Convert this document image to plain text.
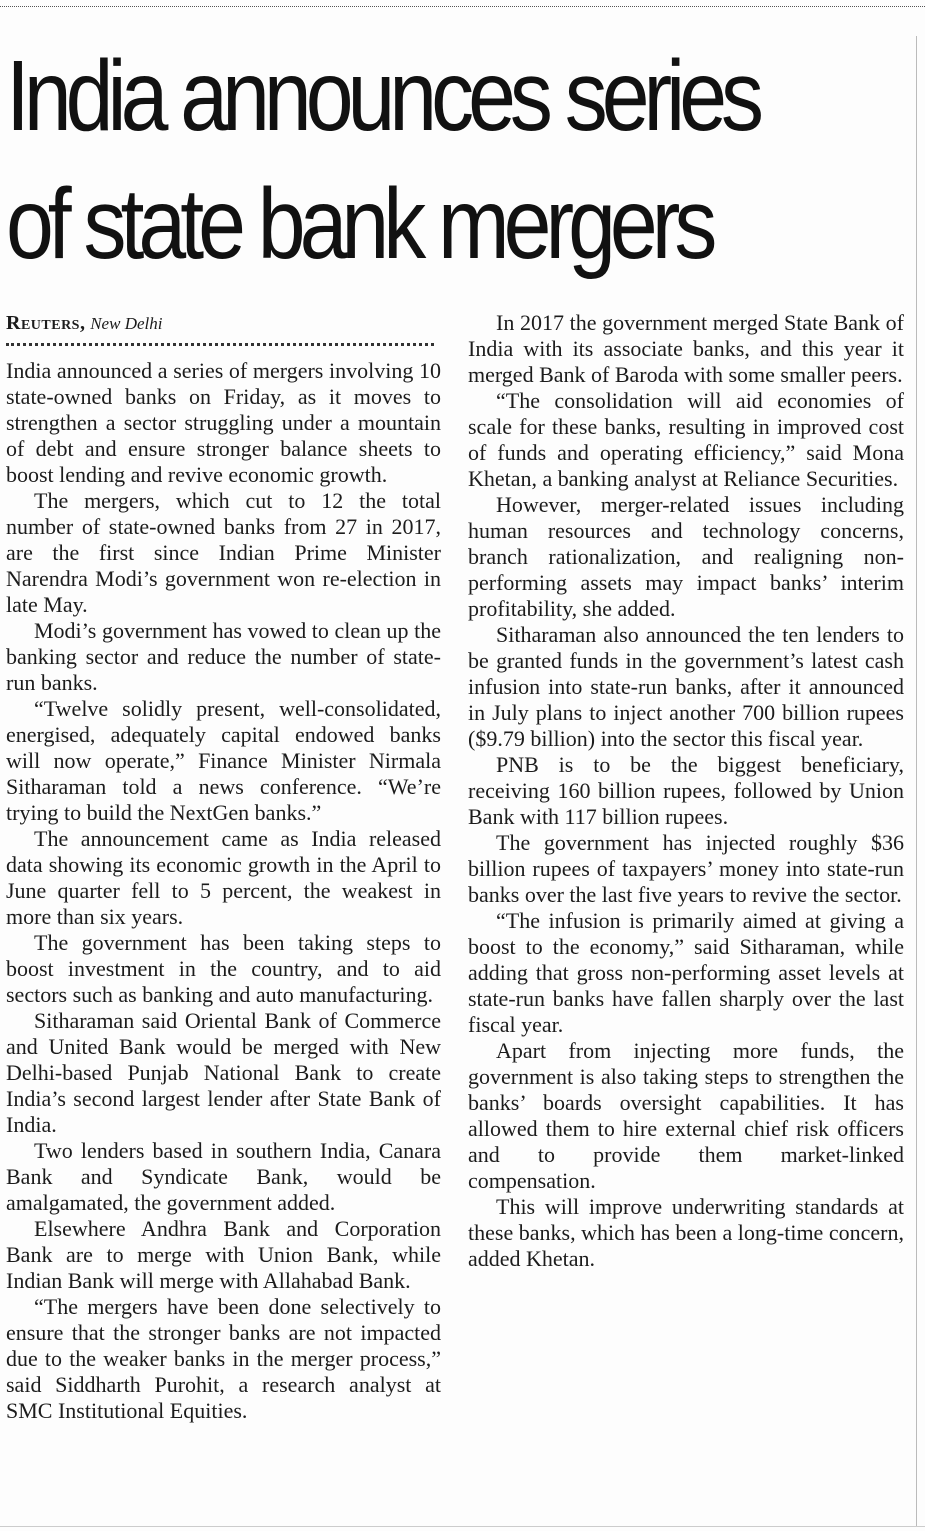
India announces series
of state bank mergers
Reuters, New Delhi

India announced a series of mergers involving 10 state-owned banks on Friday, as it moves to strengthen a sector struggling under a mountain of debt and ensure stronger balance sheets to boost lending and revive economic growth.

The mergers, which cut to 12 the total number of state-owned banks from 27 in 2017, are the first since Indian Prime Minister Narendra Modi’s government won re-election in late May.

Modi’s government has vowed to clean up the banking sector and reduce the number of state-run banks.

“Twelve solidly present, well-consolidated, energised, adequately capital endowed banks will now operate,” Finance Minister Nirmala Sitharaman told a news conference. “We’re trying to build the NextGen banks.”

The announcement came as India released data showing its economic growth in the April to June quarter fell to 5 percent, the weakest in more than six years.

The government has been taking steps to boost investment in the country, and to aid sectors such as banking and auto manufacturing.

Sitharaman said Oriental Bank of Commerce and United Bank would be merged with New Delhi-based Punjab National Bank to create India’s second largest lender after State Bank of India.

Two lenders based in southern India, Canara Bank and Syndicate Bank, would be amalgamated, the government added.

Elsewhere Andhra Bank and Corporation Bank are to merge with Union Bank, while Indian Bank will merge with Allahabad Bank.

“The mergers have been done selectively to ensure that the stronger banks are not impacted due to the weaker banks in the merger process,” said Siddharth Purohit, a research analyst at SMC Institutional Equities.

In 2017 the government merged State Bank of India with its associate banks, and this year it merged Bank of Baroda with some smaller peers.

“The consolidation will aid economies of scale for these banks, resulting in improved cost of funds and operating efficiency,” said Mona Khetan, a banking analyst at Reliance Securities.

However, merger-related issues including human resources and technology concerns, branch rationalization, and realigning non-performing assets may impact banks’ interim profitability, she added.

Sitharaman also announced the ten lenders to be granted funds in the government’s latest cash infusion into state-run banks, after it announced in July plans to inject another 700 billion rupees ($9.79 billion) into the sector this fiscal year.

PNB is to be the biggest beneficiary, receiving 160 billion rupees, followed by Union Bank with 117 billion rupees.

The government has injected roughly $36 billion rupees of taxpayers’ money into state-run banks over the last five years to revive the sector.

“The infusion is primarily aimed at giving a boost to the economy,” said Sitharaman, while adding that gross non-performing asset levels at state-run banks have fallen sharply over the last fiscal year.

Apart from injecting more funds, the government is also taking steps to strengthen the banks’ boards oversight capabilities. It has allowed them to hire external chief risk officers and to provide them market-linked compensation.

This will improve underwriting standards at these banks, which has been a long-time concern, added Khetan.
